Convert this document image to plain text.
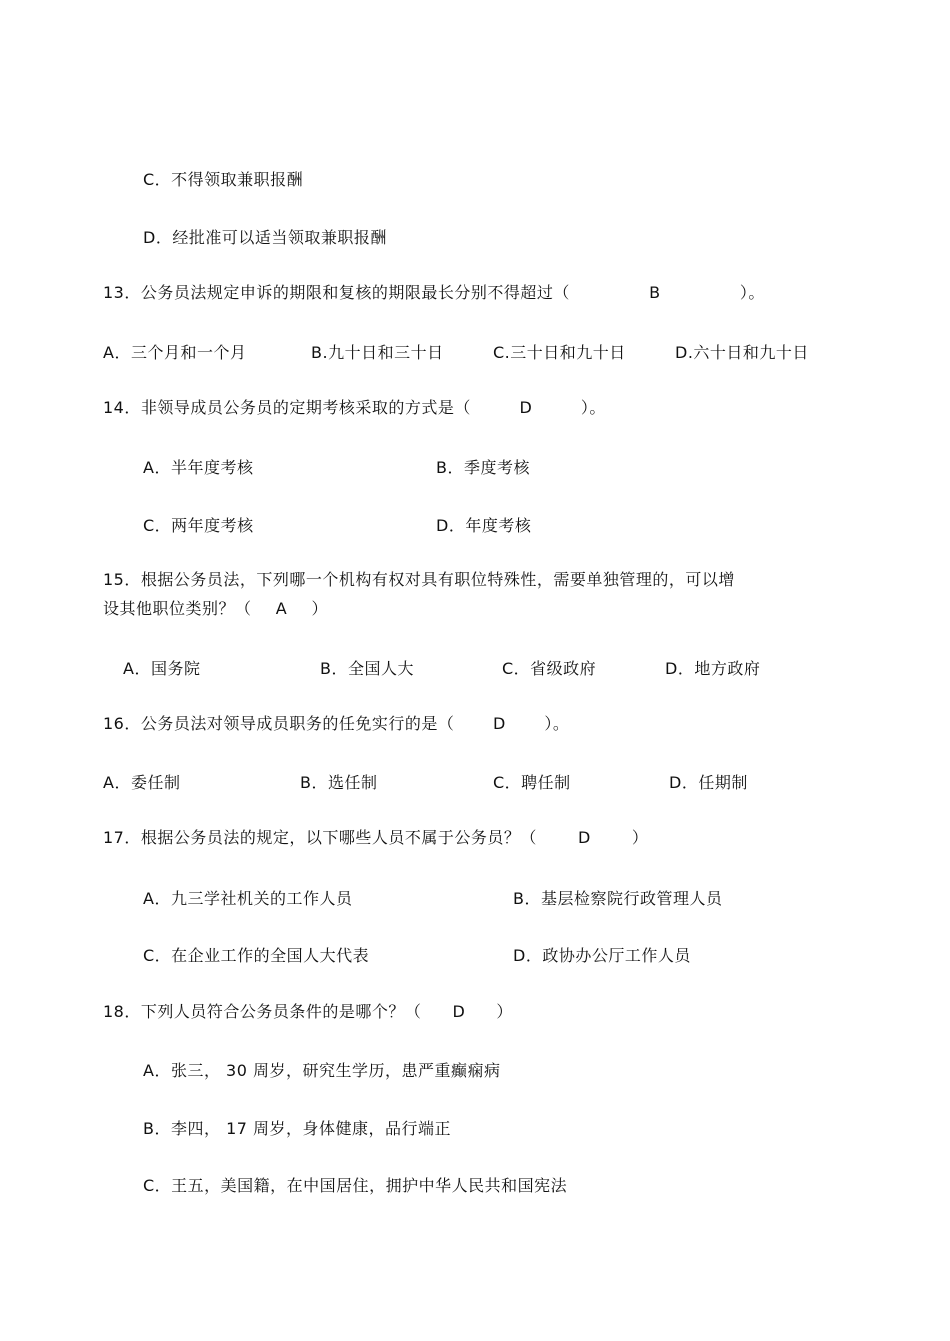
C．不得领取兼职报酬
D．经批准可以适当领取兼职报酬
13．公务员法规定申诉的期限和复核的期限最长分别不得超过（	B	）。
A．三个月和一个月	B.九十日和三十日	C.三十日和九十日	D.六十日和九十日
14．非领导成员公务员的定期考核采取的方式是（	D	）。
A．半年度考核	B．季度考核
C．两年度考核	D．年度考核
15．根据公务员法，下列哪一个机构有权对具有职位特殊性，需要单独管理的，可以增
设其他职位类别？（ A ）
A．国务院	B．全国人大	C．省级政府	D．地方政府
16．公务员法对领导成员职务的任免实行的是（ D ）。
A．委任制	B．选任制	C．聘任制	D．任期制
17．根据公务员法的规定，以下哪些人员不属于公务员？（	D	）
A．九三学社机关的工作人员	B．基层检察院行政管理人员
C．在企业工作的全国人大代表	D．政协办公厅工作人员
18．下列人员符合公务员条件的是哪个？（ D ）
A．张三， 30 周岁，研究生学历，患严重癫痫病
B．李四， 17 周岁，身体健康，品行端正
C．王五，美国籍，在中国居住，拥护中华人民共和国宪法
